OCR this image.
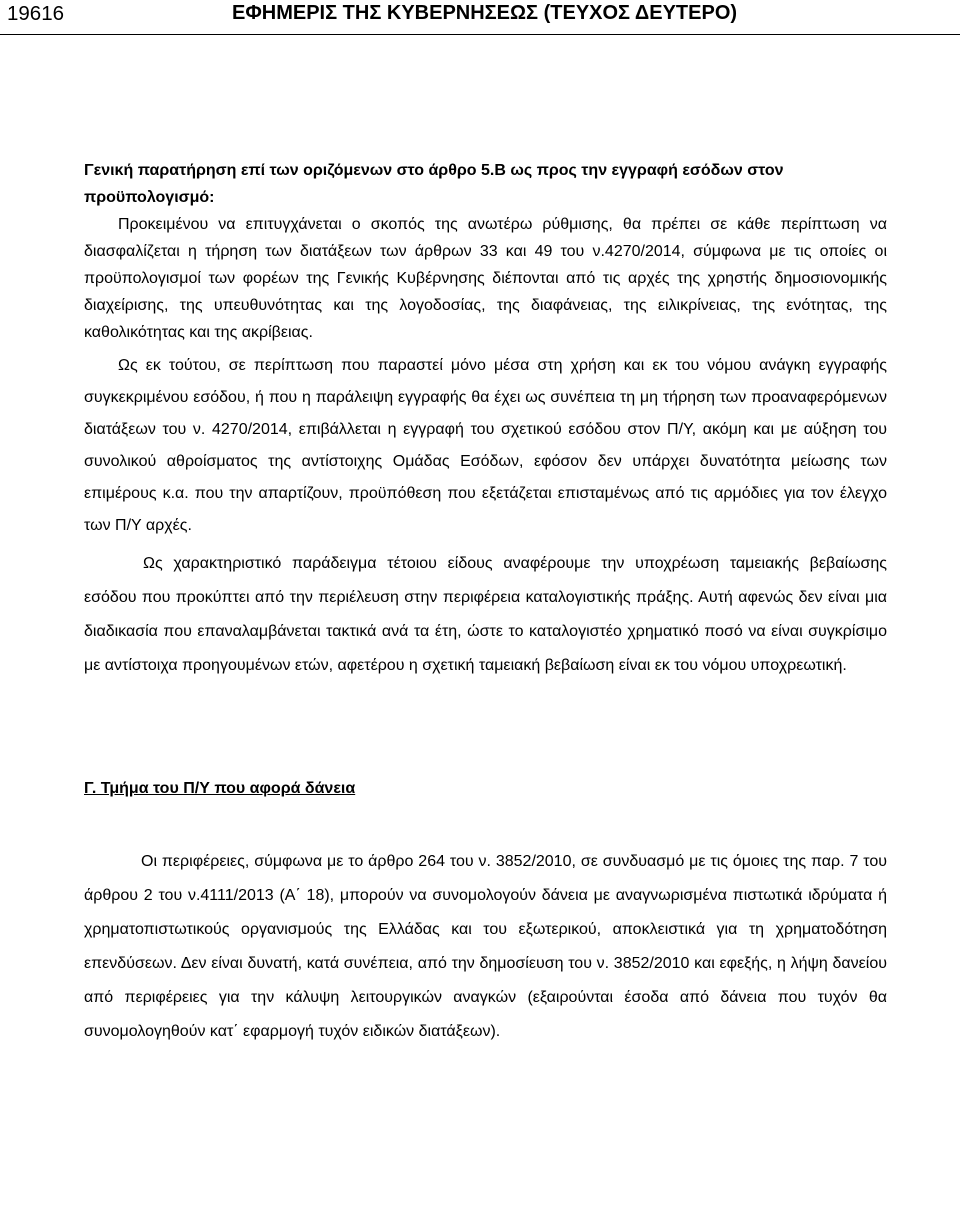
19616	ΕΦΗΜΕΡΙΣ ΤΗΣ ΚΥΒΕΡΝΗΣΕΩΣ (ΤΕΥΧΟΣ ΔΕΥΤΕΡΟ)

Γενική παρατήρηση επί των οριζόμενων στο άρθρο 5.Β ως προς την εγγραφή εσόδων στον προϋπολογισμό:

Προκειμένου να επιτυγχάνεται ο σκοπός της ανωτέρω ρύθμισης, θα πρέπει σε κάθε περίπτωση να διασφαλίζεται η τήρηση των διατάξεων των άρθρων 33 και 49 του ν.4270/2014, σύμφωνα με τις οποίες οι προϋπολογισμοί των φορέων της Γενικής Κυβέρνησης διέπονται από τις αρχές της χρηστής δημοσιονομικής διαχείρισης, της υπευθυνότητας και της λογοδοσίας, της διαφάνειας, της ειλικρίνειας, της ενότητας, της καθολικότητας και της ακρίβειας.

Ως εκ τούτου, σε περίπτωση που παραστεί μόνο μέσα στη χρήση και εκ του νόμου ανάγκη εγγραφής συγκεκριμένου εσόδου, ή που η παράλειψη εγγραφής θα έχει ως συνέπεια τη μη τήρηση των προαναφερόμενων διατάξεων του ν. 4270/2014, επιβάλλεται η εγγραφή του σχετικού εσόδου στον Π/Υ, ακόμη και με αύξηση του συνολικού αθροίσματος της αντίστοιχης Ομάδας Εσόδων, εφόσον δεν υπάρχει δυνατότητα μείωσης των επιμέρους κ.α. που την απαρτίζουν, προϋπόθεση που εξετάζεται επισταμένως από τις αρμόδιες για τον έλεγχο των Π/Υ αρχές.

Ως χαρακτηριστικό παράδειγμα τέτοιου είδους αναφέρουμε την υποχρέωση ταμειακής βεβαίωσης εσόδου που προκύπτει από την περιέλευση στην περιφέρεια καταλογιστικής πράξης. Αυτή αφενώς δεν είναι μια διαδικασία που επαναλαμβάνεται τακτικά ανά τα έτη, ώστε το καταλογιστέο χρηματικό ποσό να είναι συγκρίσιμο με αντίστοιχα προηγουμένων ετών, αφετέρου η σχετική ταμειακή βεβαίωση είναι εκ του νόμου υποχρεωτική.

Γ. Τμήμα του Π/Υ που αφορά δάνεια

Οι περιφέρειες, σύμφωνα με το άρθρο 264 του ν. 3852/2010, σε συνδυασμό με τις όμοιες της παρ. 7 του άρθρου 2 του ν.4111/2013 (Α΄ 18), μπορούν να συνομολογούν δάνεια με αναγνωρισμένα πιστωτικά ιδρύματα ή χρηματοπιστωτικούς οργανισμούς της Ελλάδας και του εξωτερικού, αποκλειστικά για τη χρηματοδότηση επενδύσεων. Δεν είναι δυνατή, κατά συνέπεια, από την δημοσίευση του ν. 3852/2010 και εφεξής, η λήψη δανείου από περιφέρειες για την κάλυψη λειτουργικών αναγκών (εξαιρούνται έσοδα από δάνεια που τυχόν θα συνομολογηθούν κατ΄ εφαρμογή τυχόν ειδικών διατάξεων).
